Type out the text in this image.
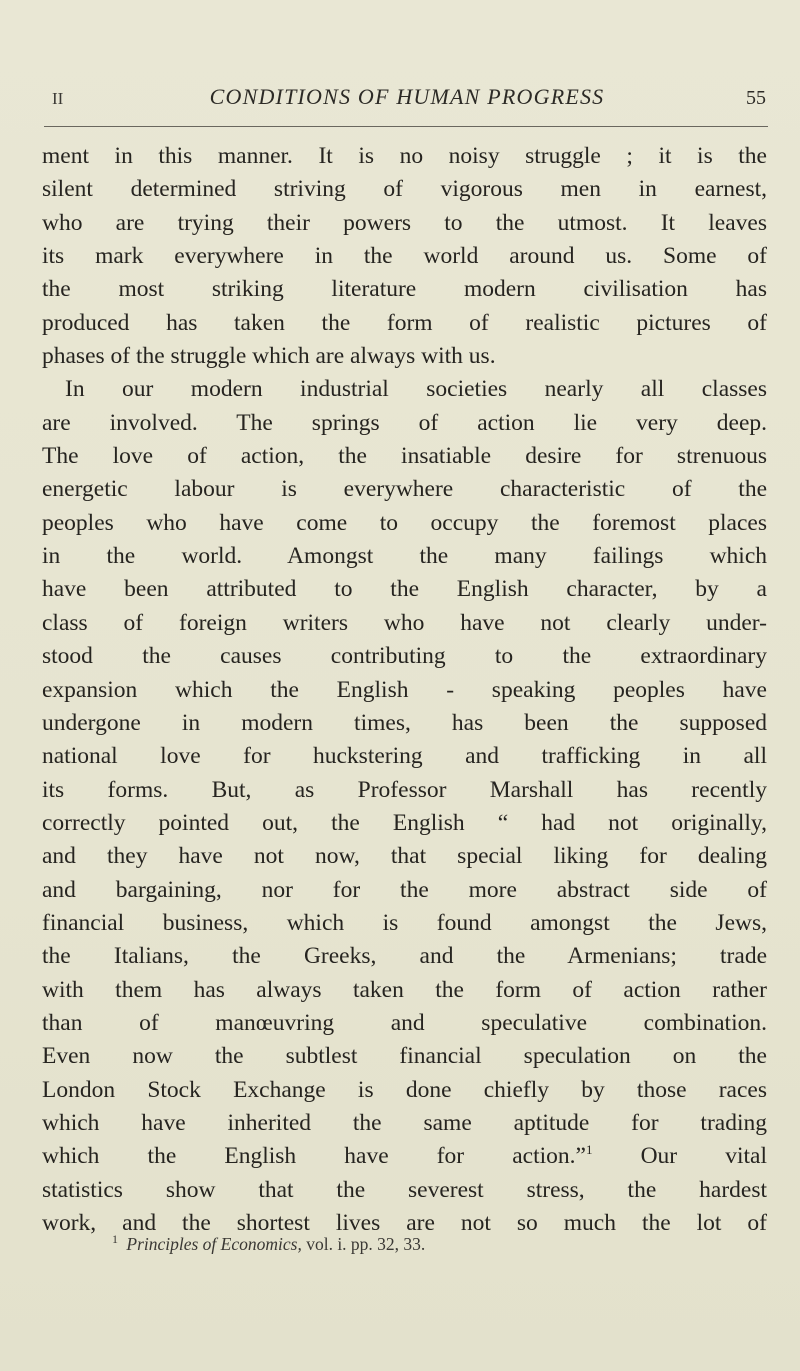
II	CONDITIONS OF HUMAN PROGRESS	55
ment in this manner. It is no noisy struggle ; it is the
silent determined striving of vigorous men in earnest,
who are trying their powers to the utmost. It leaves
its mark everywhere in the world around us. Some of
the most striking literature modern civilisation has
produced has taken the form of realistic pictures of
phases of the struggle which are always with us.
In our modern industrial societies nearly all classes
are involved. The springs of action lie very deep.
The love of action, the insatiable desire for strenuous
energetic labour is everywhere characteristic of the
peoples who have come to occupy the foremost places
in the world. Amongst the many failings which
have been attributed to the English character, by a
class of foreign writers who have not clearly under-
stood the causes contributing to the extraordinary
expansion which the English - speaking peoples have
undergone in modern times, has been the supposed
national love for huckstering and trafficking in all
its forms. But, as Professor Marshall has recently
correctly pointed out, the English “ had not originally,
and they have not now, that special liking for dealing
and bargaining, nor for the more abstract side of
financial business, which is found amongst the Jews,
the Italians, the Greeks, and the Armenians; trade
with them has always taken the form of action rather
than of manœuvring and speculative combination.
Even now the subtlest financial speculation on the
London Stock Exchange is done chiefly by those races
which have inherited the same aptitude for trading
which the English have for action.”$^1$ Our vital
statistics show that the severest stress, the hardest
work, and the shortest lives are not so much the lot of
$^1$ Principles of Economics, vol. i. pp. 32, 33.
